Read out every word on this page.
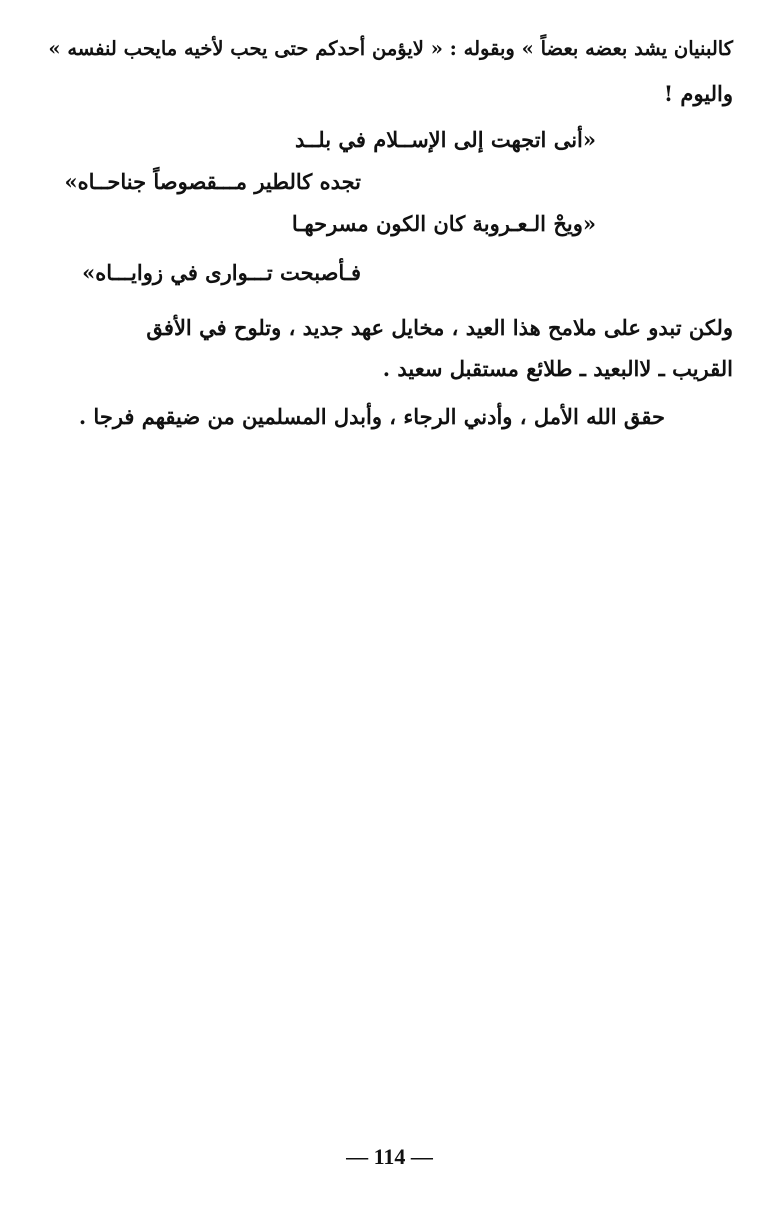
كالبنيان يشد بعضه بعضاً » وبقوله : « لايؤمن أحدكم حتى يحب لأخيه مايحب لنفسه »
واليوم !
«أنى اتجهت إلى الإســلام في بلــد
تجده كالطير مـــقصوصاً جناحــاه»
«ويحْ الـعـروبة كان الكون مسرحهـا
فـأصبحت تـــواری في زوايـــاه»
ولكن تبدو على ملامح هذا العيد ، مخايل عهد جديد ، وتلوح في الأفق
القريب ـ لاالبعيد ـ طلائع مستقبل سعيد .
حقق الله الأمل ، وأدني الرجاء ، وأبدل المسلمين من ضيقهم فرجا .
— 114 —
